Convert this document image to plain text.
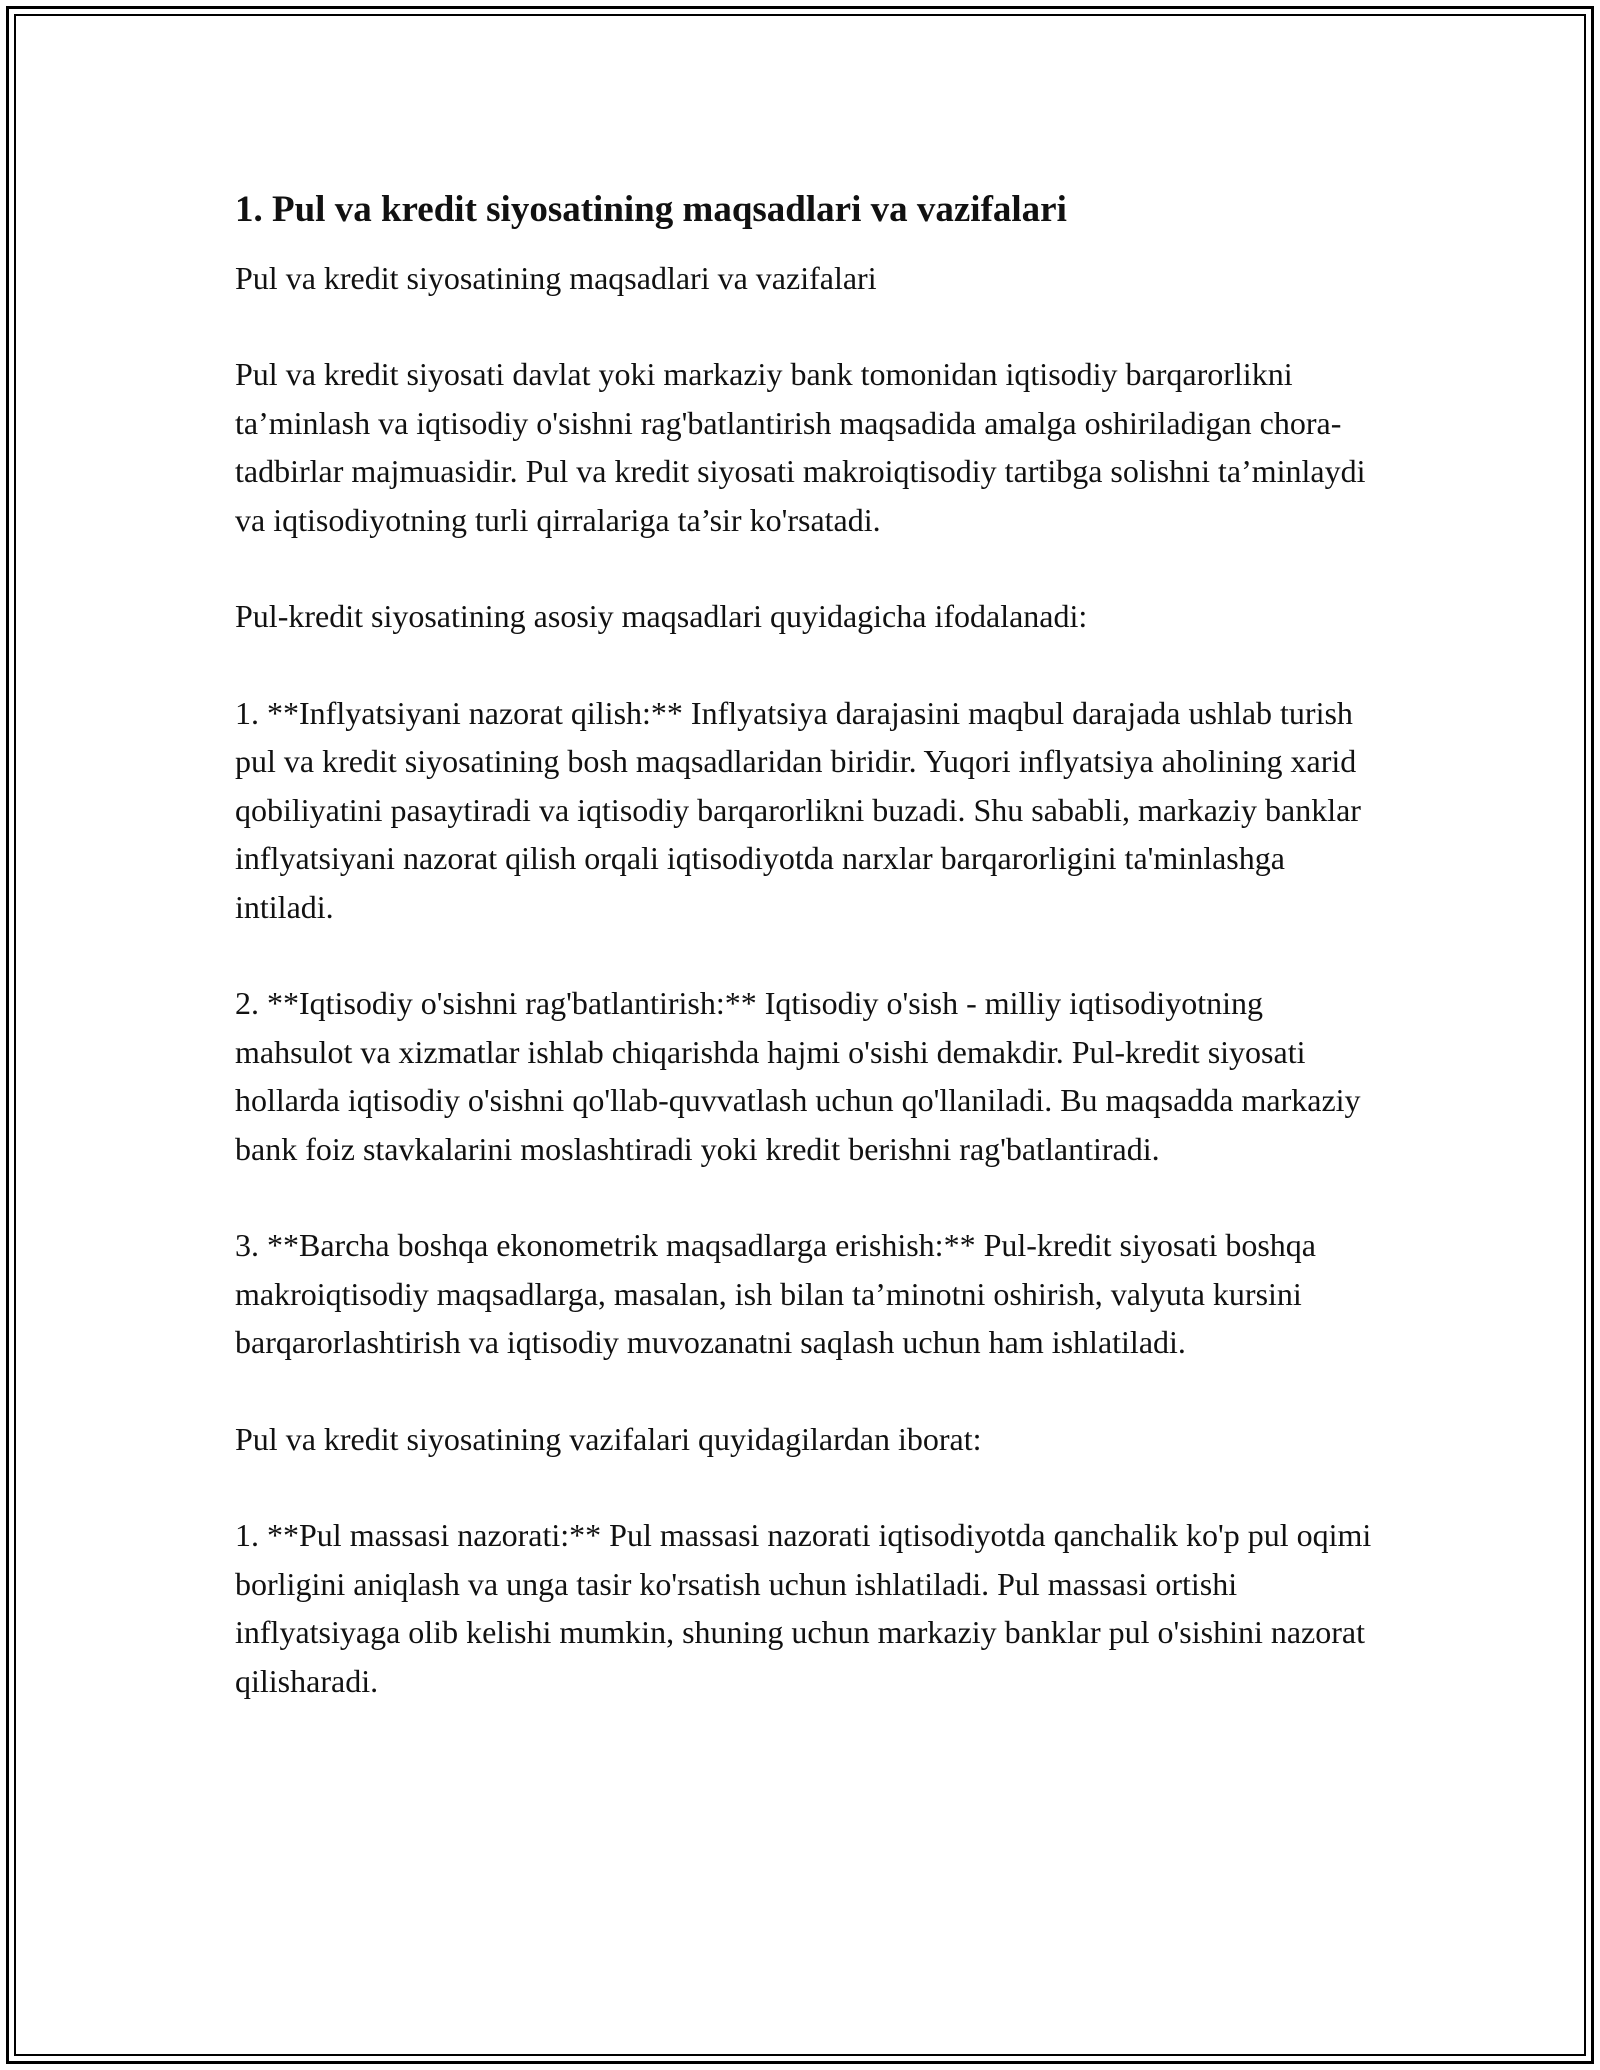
1. Pul va kredit siyosatining maqsadlari va vazifalari

Pul va kredit siyosatining maqsadlari va vazifalari

Pul va kredit siyosati davlat yoki markaziy bank tomonidan iqtisodiy barqarorlikni ta’minlash va iqtisodiy o'sishni rag'batlantirish maqsadida amalga oshiriladigan chora-tadbirlar majmuasidir. Pul va kredit siyosati makroiqtisodiy tartibga solishni ta’minlaydi va iqtisodiyotning turli qirralariga ta’sir ko'rsatadi.

Pul-kredit siyosatining asosiy maqsadlari quyidagicha ifodalanadi:

1. **Inflyatsiyani nazorat qilish:** Inflyatsiya darajasini maqbul darajada ushlab turish pul va kredit siyosatining bosh maqsadlaridan biridir. Yuqori inflyatsiya aholining xarid qobiliyatini pasaytiradi va iqtisodiy barqarorlikni buzadi. Shu sababli, markaziy banklar inflyatsiyani nazorat qilish orqali iqtisodiyotda narxlar barqarorligini ta'minlashga intiladi.

2. **Iqtisodiy o'sishni rag'batlantirish:** Iqtisodiy o'sish - milliy iqtisodiyotning mahsulot va xizmatlar ishlab chiqarishda hajmi o'sishi demakdir. Pul-kredit siyosati hollarda iqtisodiy o'sishni qo'llab-quvvatlash uchun qo'llaniladi. Bu maqsadda markaziy bank foiz stavkalarini moslashtiradi yoki kredit berishni rag'batlantiradi.

3. **Barcha boshqa ekonometrik maqsadlarga erishish:** Pul-kredit siyosati boshqa makroiqtisodiy maqsadlarga, masalan, ish bilan ta’minotni oshirish, valyuta kursini barqarorlashtirish va iqtisodiy muvozanatni saqlash uchun ham ishlatiladi.

Pul va kredit siyosatining vazifalari quyidagilardan iborat:

1. **Pul massasi nazorati:** Pul massasi nazorati iqtisodiyotda qanchalik ko'p pul oqimi borligini aniqlash va unga tasir ko'rsatish uchun ishlatiladi. Pul massasi ortishi inflyatsiyaga olib kelishi mumkin, shuning uchun markaziy banklar pul o'sishini nazorat qilisharadi.
